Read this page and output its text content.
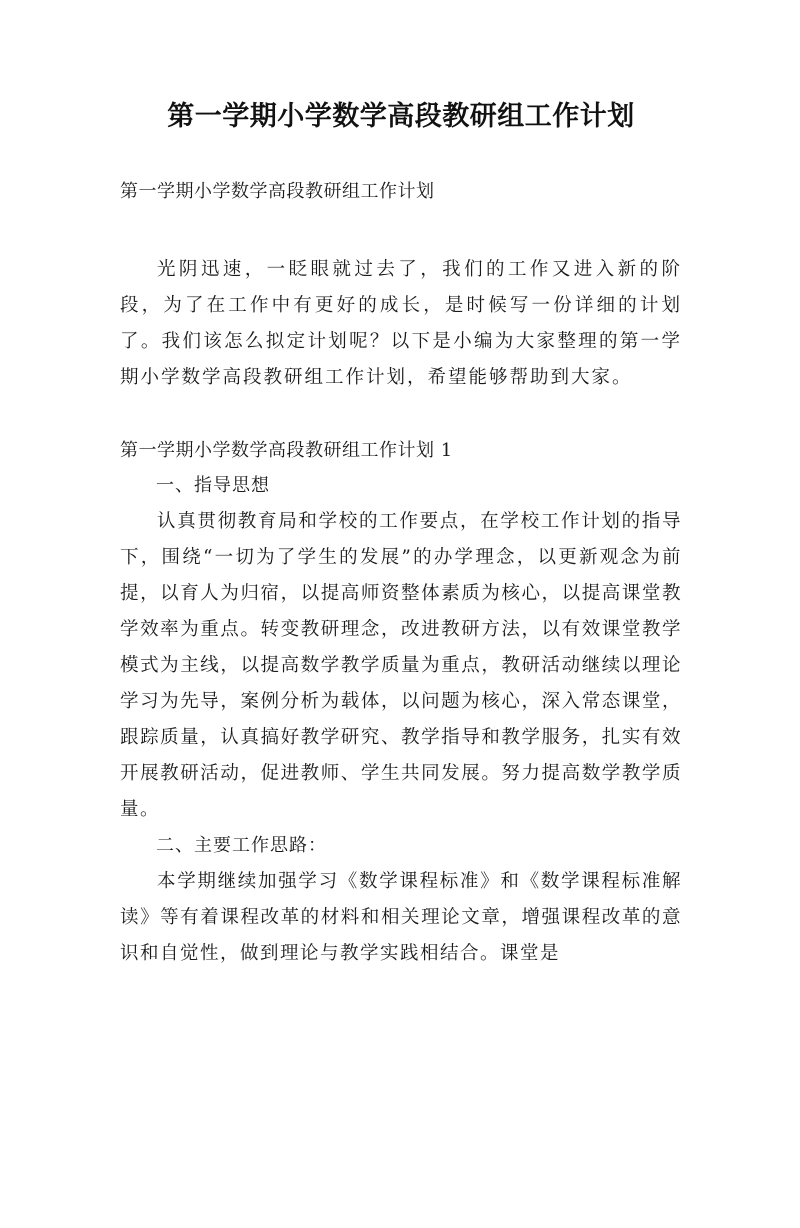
第一学期小学数学高段教研组工作计划

第一学期小学数学高段教研组工作计划

光阴迅速，一眨眼就过去了，我们的工作又进入新的阶段，为了在工作中有更好的成长，是时候写一份详细的计划了。我们该怎么拟定计划呢？以下是小编为大家整理的第一学期小学数学高段教研组工作计划，希望能够帮助到大家。

第一学期小学数学高段教研组工作计划 1

一、指导思想

认真贯彻教育局和学校的工作要点，在学校工作计划的指导下，围绕“一切为了学生的发展”的办学理念，以更新观念为前提，以育人为归宿，以提高师资整体素质为核心，以提高课堂教学效率为重点。转变教研理念，改进教研方法，以有效课堂教学模式为主线，以提高数学教学质量为重点，教研活动继续以理论学习为先导，案例分析为载体，以问题为核心，深入常态课堂，跟踪质量，认真搞好教学研究、教学指导和教学服务，扎实有效开展教研活动，促进教师、学生共同发展。努力提高数学教学质量。

二、主要工作思路：

本学期继续加强学习《数学课程标准》和《数学课程标准解读》等有着课程改革的材料和相关理论文章，增强课程改革的意识和自觉性，做到理论与教学实践相结合。课堂是
